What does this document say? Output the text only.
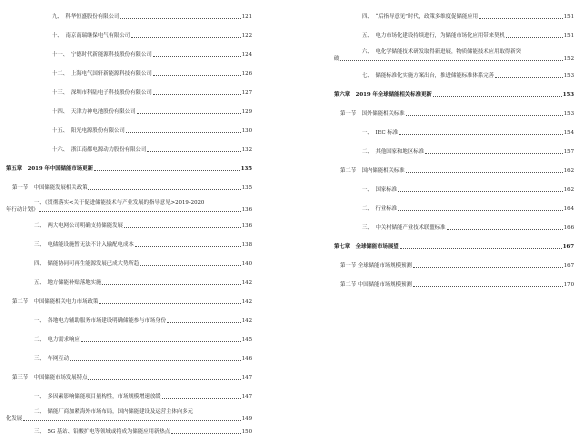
九、　科华恒盛股份有限公司	121
十、　南京南瑞继保电气有限公司	122
十一、　宁德时代新能源科技股份有限公司	124
十二、　上海电气国轩新能源科技有限公司	126
十三、　深圳市科陆电子科技股份有限公司	127
十四、　天津力神电池股份有限公司	129
十五、　阳光电源股份有限公司	130
十六、　浙江南都电源动力股份有限公司	132
第五章　2019 年中国储能市场更新	135
第一节　中国储能发展相关政策	135
一、《贯彻落实<关于促进储能技术与产业发展的指导意见>2019-2020
年行动计划》	136
二、　两大电网公司明确支持储能发展	136
三、　电储能设施暂无法不计入输配电成本	138
四、　储能协同可再生能源发展已成大势所趋	140
五、　地方储能补贴落地实施	142
第二节　中国储能相关电力市场政策	142
一、　各地电力辅助服务市场建设明确储能参与市场身份	142
二、　电力需求响应	145
三、　车网互动	146
第三节　中国储能市场发展特点	147
一、　多因素影响储能项目量构性，市场规模增速放缓	147
二、　储能厂商加紧海外市场布局，国内储能建设及运营主体向多元
化发展	149
三、　5G 基站、铅酸扩电等领域或将成为储能应用新热点	150
四、　“后指导意见”时代，政策多维度促储能应用	151
五、　电力市场化建设持续进行，为储能市场化应用带来契机	151
六、　电化学储能技术研发取得新进展，物质储能技术应用取得新突
破	152
七、　储能标准化实施方案出台，推进储能标准体系完善	153
第六章　2019 年全球储能相关标准更新	153
第一节　国外储能相关标准	153
一、　IEC 标准	154
二、　其他国家和地区标准	157
第二节　国内储能相关标准	162
一、　国家标准	162
二、　行业标准	164
三、　中关村储能产业技术联盟标准	166
第七章　全球储能市场展望	167
第一节 全球储能市场规模预测	167
第二节 中国储能市场规模预测	170
